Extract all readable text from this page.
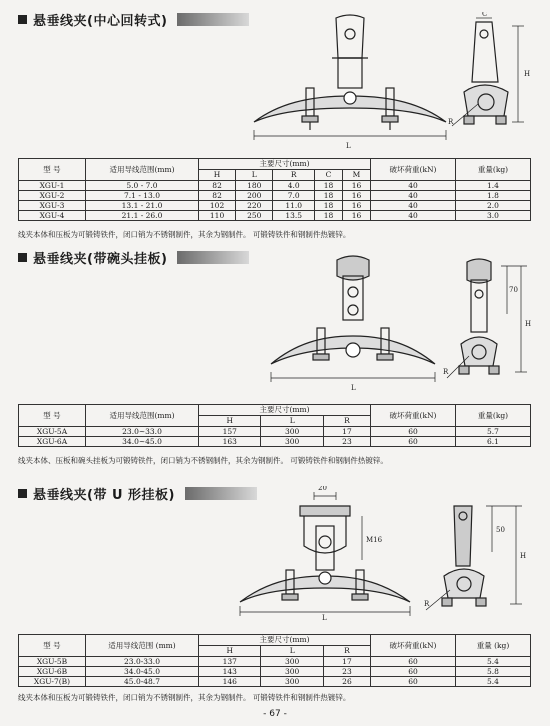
悬垂线夹(中心回转式)
L
C
H
R
型 号	适用导线范围(mm)	主要尺寸(mm)					破坏荷重(kN)	重量(kg)
		H	L	R	C	M		
XGU-1	5.0 - 7.0	82	180	4.0	18	16	40	1.4
XGU-2	7.1 - 13.0	82	200	7.0	18	16	40	1.8
XGU-3	13.1 - 21.0	102	220	11.0	18	16	40	2.0
XGU-4	21.1 - 26.0	110	250	13.5	18	16	40	3.0
线夹本体和压板为可锻铸铁件，闭口销为不锈钢制件，其余为钢制件。 可锻铸铁件和钢制件热镀锌。
悬垂线夹(带碗头挂板)
L
70
H
R
型 号	适用导线范围(mm)	主要尺寸(mm)			破坏荷重(kN)	重量(kg)
		H	L	R		
XGU-5A	23.0~33.0	157	300	17	60	5.7
XGU-6A	34.0~45.0	163	300	23	60	6.1
线夹本体、压板和碗头挂板为可锻铸铁件，闭口销为不锈钢制件，其余为钢制件。 可锻铸铁件和钢制件热镀锌。
悬垂线夹(带 U 形挂板)	20
M16
L
50
H
R
型 号	适用导线范围 (mm)	主要尺寸(mm)			破坏荷重(kN)	重量 (kg)
		H	L	R		
XGU-5B	23.0-33.0	137	300	17	60	5.4
XGU-6B	34.0-45.0	143	300	23	60	5.8
XGU-7(B)	45.0-48.7	146	300	26	60	5.4
线夹本体和压板为可锻铸铁件，闭口销为不锈钢制件，其余为钢制件。 可锻铸铁件和钢制件热镀锌。
- 67 -
